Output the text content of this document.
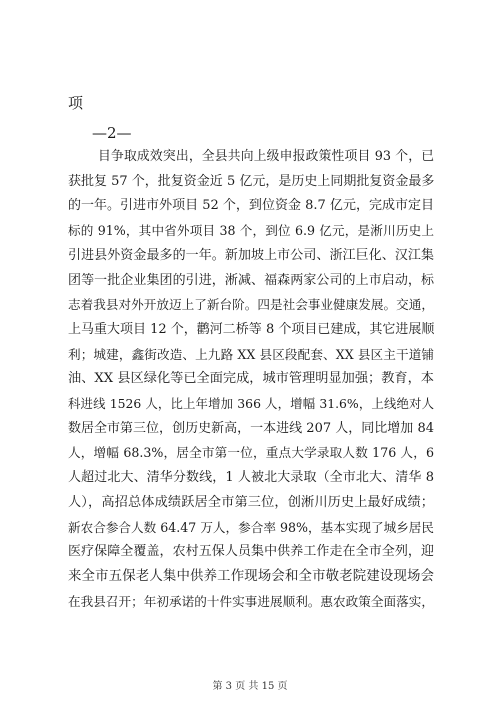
项
—2—
目争取成效突出，全县共向上级申报政策性项目 93 个，已
获批复 57 个，批复资金近 5 亿元，是历史上同期批复资金最多
的一年。引进市外项目 52 个，到位资金 8.7 亿元，完成市定目
标的 91%，其中省外项目 38 个，到位 6.9 亿元，是淅川历史上
引进县外资金最多的一年。新加坡上市公司、浙江巨化、汉江集
团等一批企业集团的引进，淅减、福森两家公司的上市启动，标
志着我县对外开放迈上了新台阶。四是社会事业健康发展。交通，
上马重大项目 12 个，鹳河二桥等 8 个项目已建成，其它进展顺
利；城建，鑫街改造、上九路 XX 县区段配套、XX 县区主干道铺
油、XX 县区绿化等已全面完成，城市管理明显加强；教育，本
科进线 1526 人，比上年增加 366 人，增幅 31.6%，上线绝对人
数居全市第三位，创历史新高，一本进线 207 人，同比增加 84
人，增幅 68.3%，居全市第一位，重点大学录取人数 176 人，6
人超过北大、清华分数线，1 人被北大录取（全市北大、清华 8
人），高招总体成绩跃居全市第三位，创淅川历史上最好成绩；
新农合参合人数 64.47 万人，参合率 98%，基本实现了城乡居民
医疗保障全覆盖，农村五保人员集中供养工作走在全市全列，迎
来全市五保老人集中供养工作现场会和全市敬老院建设现场会
在我县召开；年初承诺的十件实事进展顺利。惠农政策全面落实，
第 3 页 共 15 页
